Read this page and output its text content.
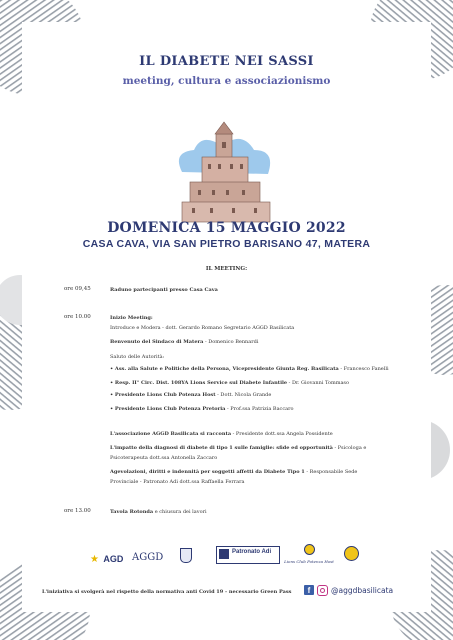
IL DIABETE NEI SASSI
meeting, cultura e associazionismo
DOMENICA 15 MAGGIO 2022
CASA CAVA, VIA SAN PIETRO BARISANO 47, MATERA
IL MEETING:
★ AGD AGGD	Patronato Adi
Lions Club Potenza Host
L'iniziativa si svolgerà nel rispetto della normativa anti Covid 19 - necessario Green Pass	f	@aggdbasilicata
ore 09,45	Raduno partecipanti presso Casa Cava
ore 10.00	Inizio Meeting:
Introduce e Modera - dott. Gerardo Romano Segretario AGGD Basilicata
Benvenuto del Sindaco di Matera - Domenico Bennardi
Saluto delle Autorità:
• Ass. alla Salute e Politiche della Persona, Vicepresidente Giunta Reg. Basilicata - Francesco Fanelli
• Resp. II° Circ. Dist. 108YA Lions Service sul Diabete Infantile - Dr. Giovanni Tommaso
• Presidente Lions Club Potenza Host - Dott. Nicola Grande
• Presidente Lions Club Potenza Pretoria - Prof.ssa Patrizia Baccaro
L'associazione AGGD Basilicata si racconta - Presidente dott.ssa Angela Possidente
L'impatto della diagnosi di diabete di tipo 1 sulle famiglie: sfide ed opportunità - Psicologa e
Psicoterapeuta dott.ssa Antonella Zaccaro
Agevolazioni, diritti e indennità per soggetti affetti da Diabete Tipo 1 - Responsabile Sede
Provinciale - Patronato Adi dott.ssa Raffaella Ferrara
ore 13.00	Tavola Rotonda e chiusura dei lavori
